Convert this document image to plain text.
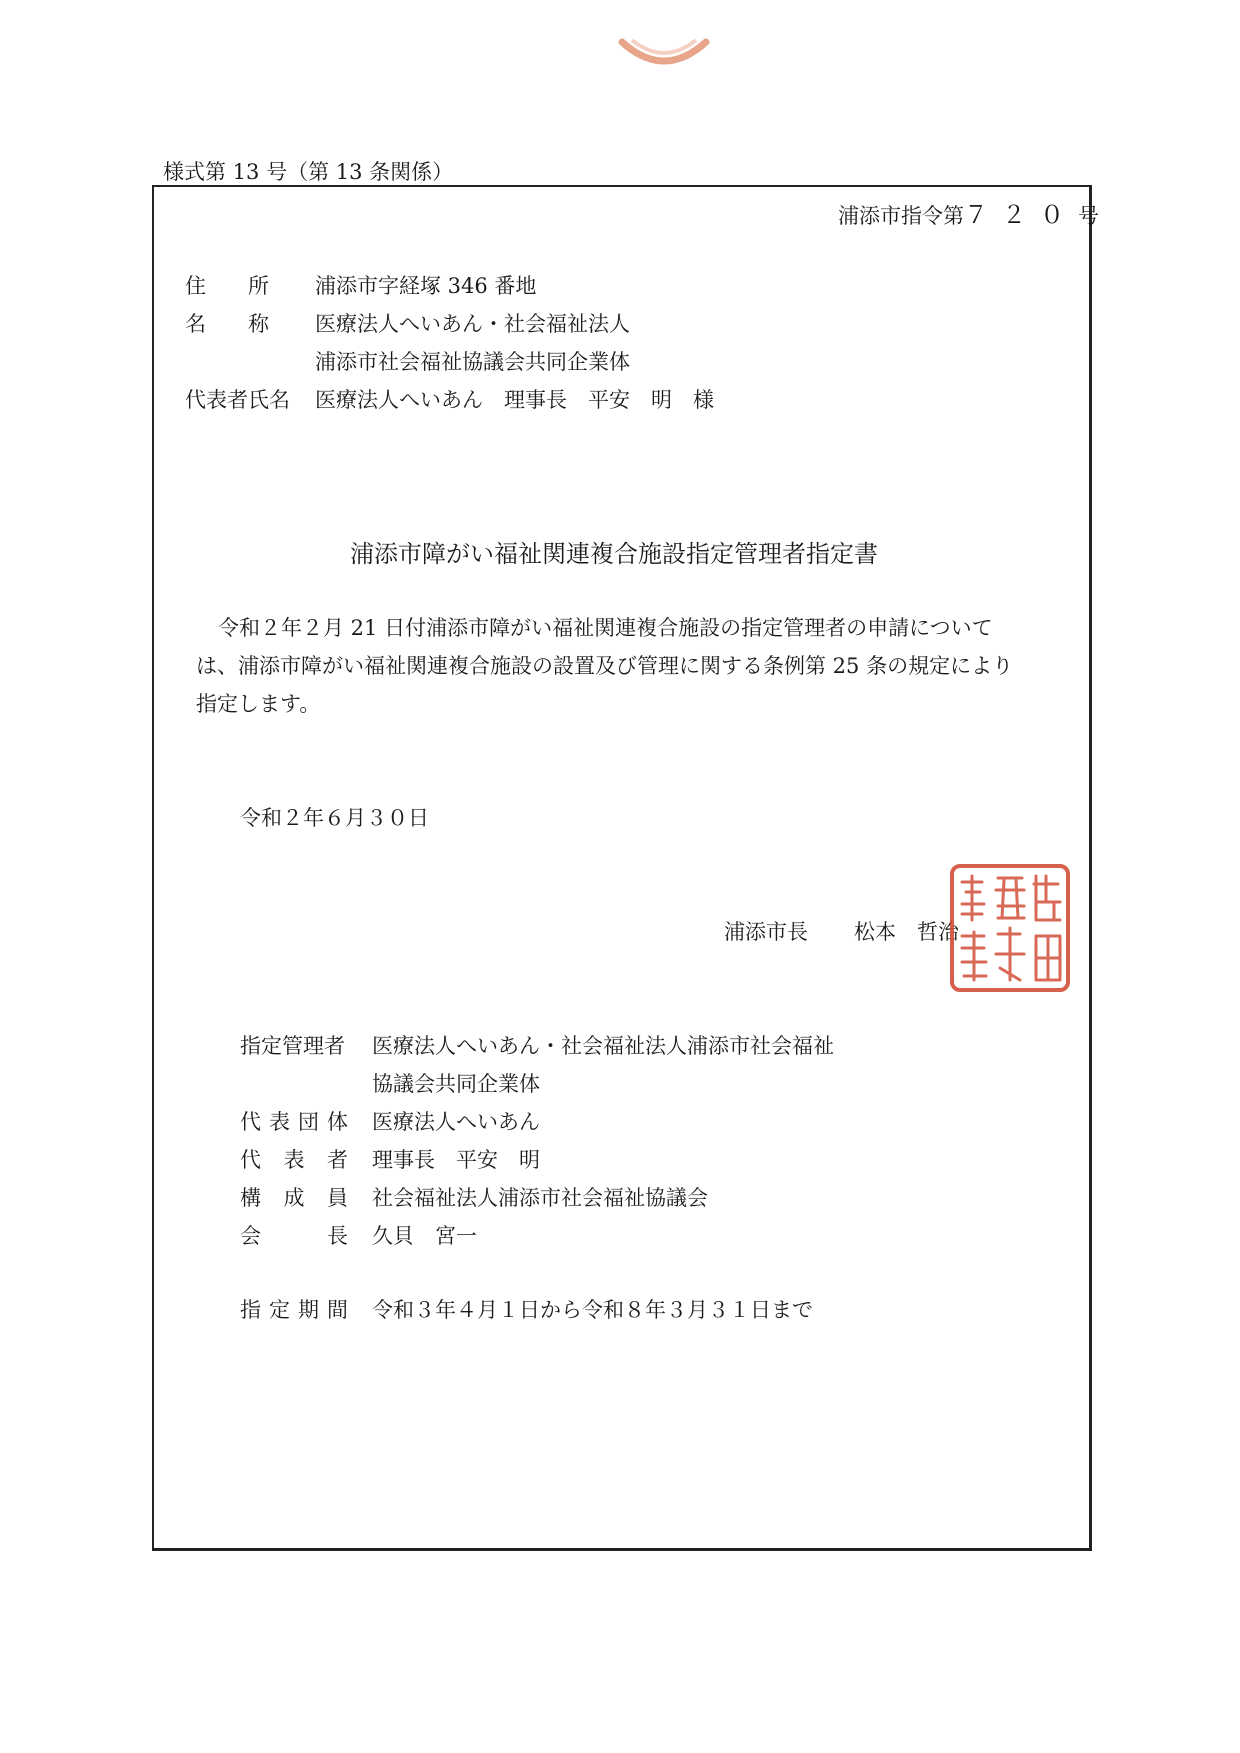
様式第 13 号（第 13 条関係）
浦添市指令第７２０号
住　　所 浦添市字経塚 346 番地
名　　称 医療法人へいあん・社会福祉法人
浦添市社会福祉協議会共同企業体
代表者氏名 医療法人へいあん　理事長　平安　明　様
浦添市障がい福祉関連複合施設指定管理者指定書
令和２年２月 21 日付浦添市障がい福祉関連複合施設の指定管理者の申請について
は、浦添市障がい福祉関連複合施設の設置及び管理に関する条例第 25 条の規定により
指定します。
令和２年６月３０日
浦添市長 松本　哲治
指定管理者 医療法人へいあん・社会福祉法人浦添市社会福祉
協議会共同企業体
代表団体 医療法人へいあん
代表者 理事長　平安　明
構成員 社会福祉法人浦添市社会福祉協議会
会長 久貝　宮一
指定期間 令和３年４月１日から令和８年３月３１日まで
